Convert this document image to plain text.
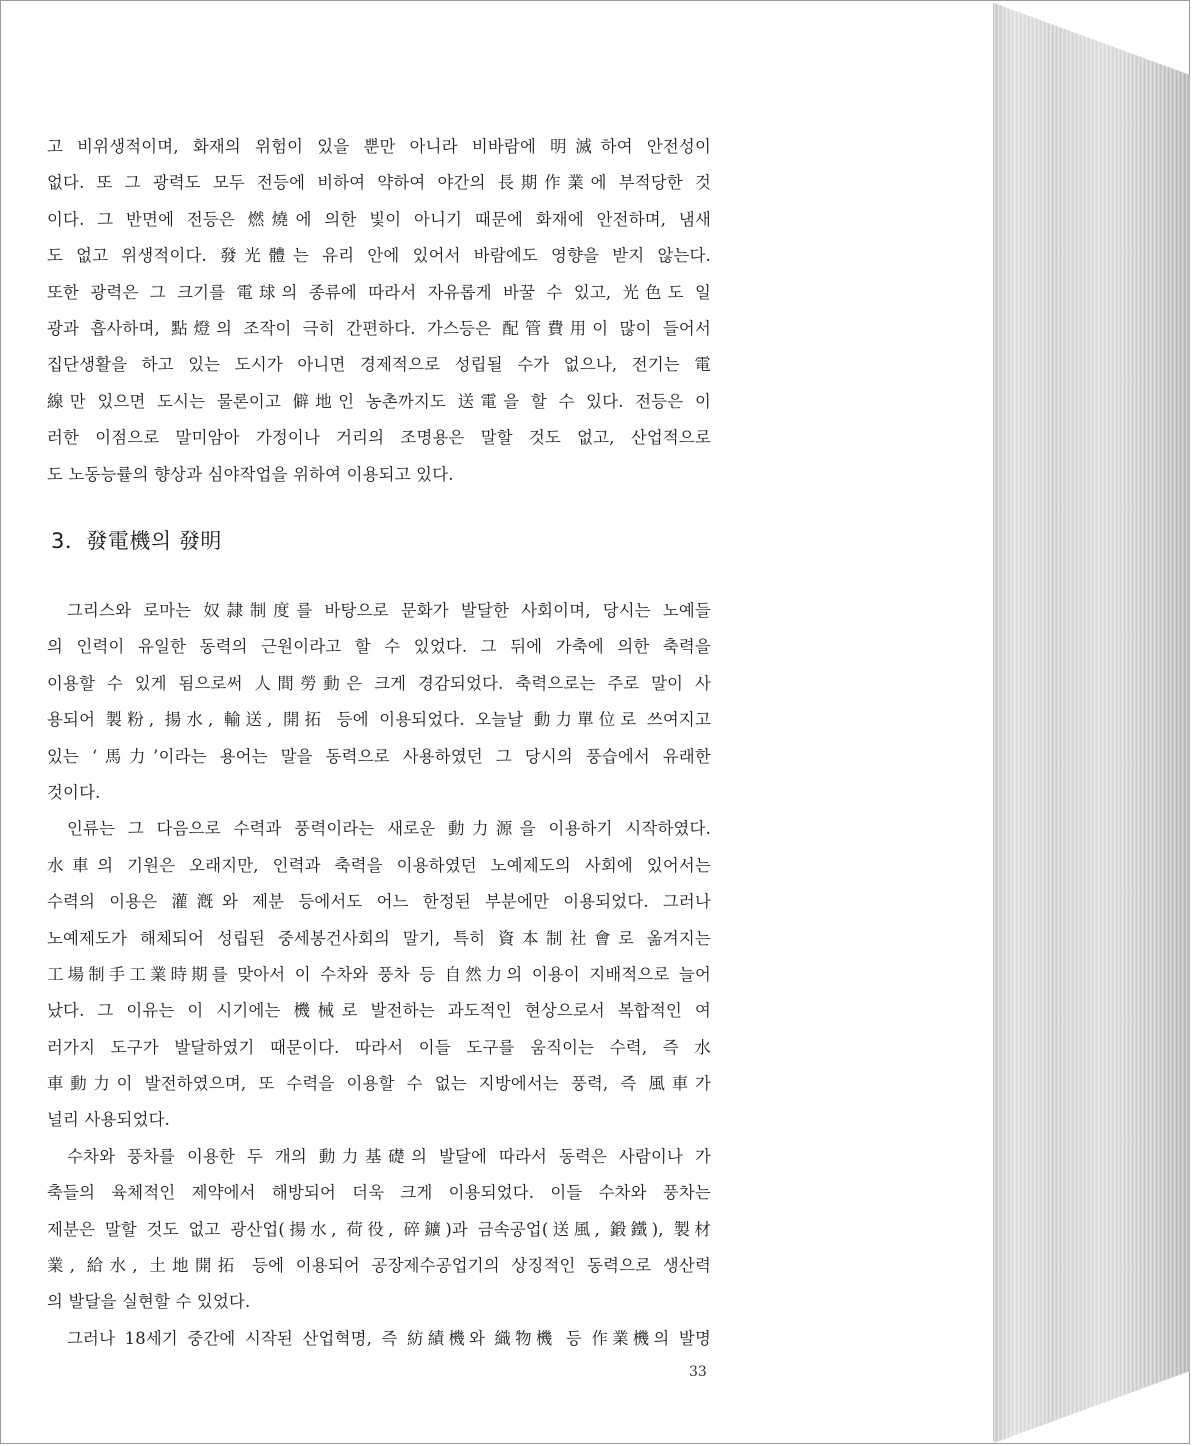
고 비위생적이며, 화재의 위험이 있을 뿐만 아니라 비바람에 明滅하여 안전성이
없다. 또 그 광력도 모두 전등에 비하여 약하여 야간의 長期作業에 부적당한 것
이다. 그 반면에 전등은 燃燒에 의한 빛이 아니기 때문에 화재에 안전하며, 냄새
도 없고 위생적이다. 發光體는 유리 안에 있어서 바람에도 영향을 받지 않는다.
또한 광력은 그 크기를 電球의 종류에 따라서 자유롭게 바꿀 수 있고, 光色도 일
광과 흡사하며, 點燈의 조작이 극히 간편하다. 가스등은 配管費用이 많이 들어서
집단생활을 하고 있는 도시가 아니면 경제적으로 성립될 수가 없으나, 전기는 電
線만 있으면 도시는 물론이고 僻地인 농촌까지도 送電을 할 수 있다. 전등은 이
러한 이점으로 말미암아 가정이나 거리의 조명용은 말할 것도 없고, 산업적으로
도 노동능률의 향상과 심야작업을 위하여 이용되고 있다.
3．發電機의 發明
그리스와 로마는 奴隷制度를 바탕으로 문화가 발달한 사회이며, 당시는 노예들
의 인력이 유일한 동력의 근원이라고 할 수 있었다. 그 뒤에 가축에 의한 축력을
이용할 수 있게 됨으로써 人間勞動은 크게 경감되었다. 축력으로는 주로 말이 사
용되어 製粉, 揚水, 輸送, 開拓 등에 이용되었다. 오늘날 動力單位로 쓰여지고
있는 ‘馬力’이라는 용어는 말을 동력으로 사용하였던 그 당시의 풍습에서 유래한
것이다.
인류는 그 다음으로 수력과 풍력이라는 새로운 動力源을 이용하기 시작하였다.
水車의 기원은 오래지만, 인력과 축력을 이용하였던 노예제도의 사회에 있어서는
수력의 이용은 灌漑와 제분 등에서도 어느 한정된 부분에만 이용되었다. 그러나
노예제도가 해체되어 성립된 중세봉건사회의 말기, 특히 資本制社會로 옮겨지는
工場制手工業時期를 맞아서 이 수차와 풍차 등 自然力의 이용이 지배적으로 늘어
났다. 그 이유는 이 시기에는 機械로 발전하는 과도적인 현상으로서 복합적인 여
러가지 도구가 발달하였기 때문이다. 따라서 이들 도구를 움직이는 수력, 즉 水
車動力이 발전하였으며, 또 수력을 이용할 수 없는 지방에서는 풍력, 즉 風車가
널리 사용되었다.
수차와 풍차를 이용한 두 개의 動力基礎의 발달에 따라서 동력은 사람이나 가
축들의 육체적인 제약에서 해방되어 더욱 크게 이용되었다. 이들 수차와 풍차는
제분은 말할 것도 없고 광산업(揚水, 荷役, 碎鑛)과 금속공업(送風, 鍛鐵), 製材
業, 給水, 土地開拓 등에 이용되어 공장제수공업기의 상징적인 동력으로 생산력
의 발달을 실현할 수 있었다.
그러나 18세기 중간에 시작된 산업혁명, 즉 紡績機와 織物機 등 作業機의 발명
33
